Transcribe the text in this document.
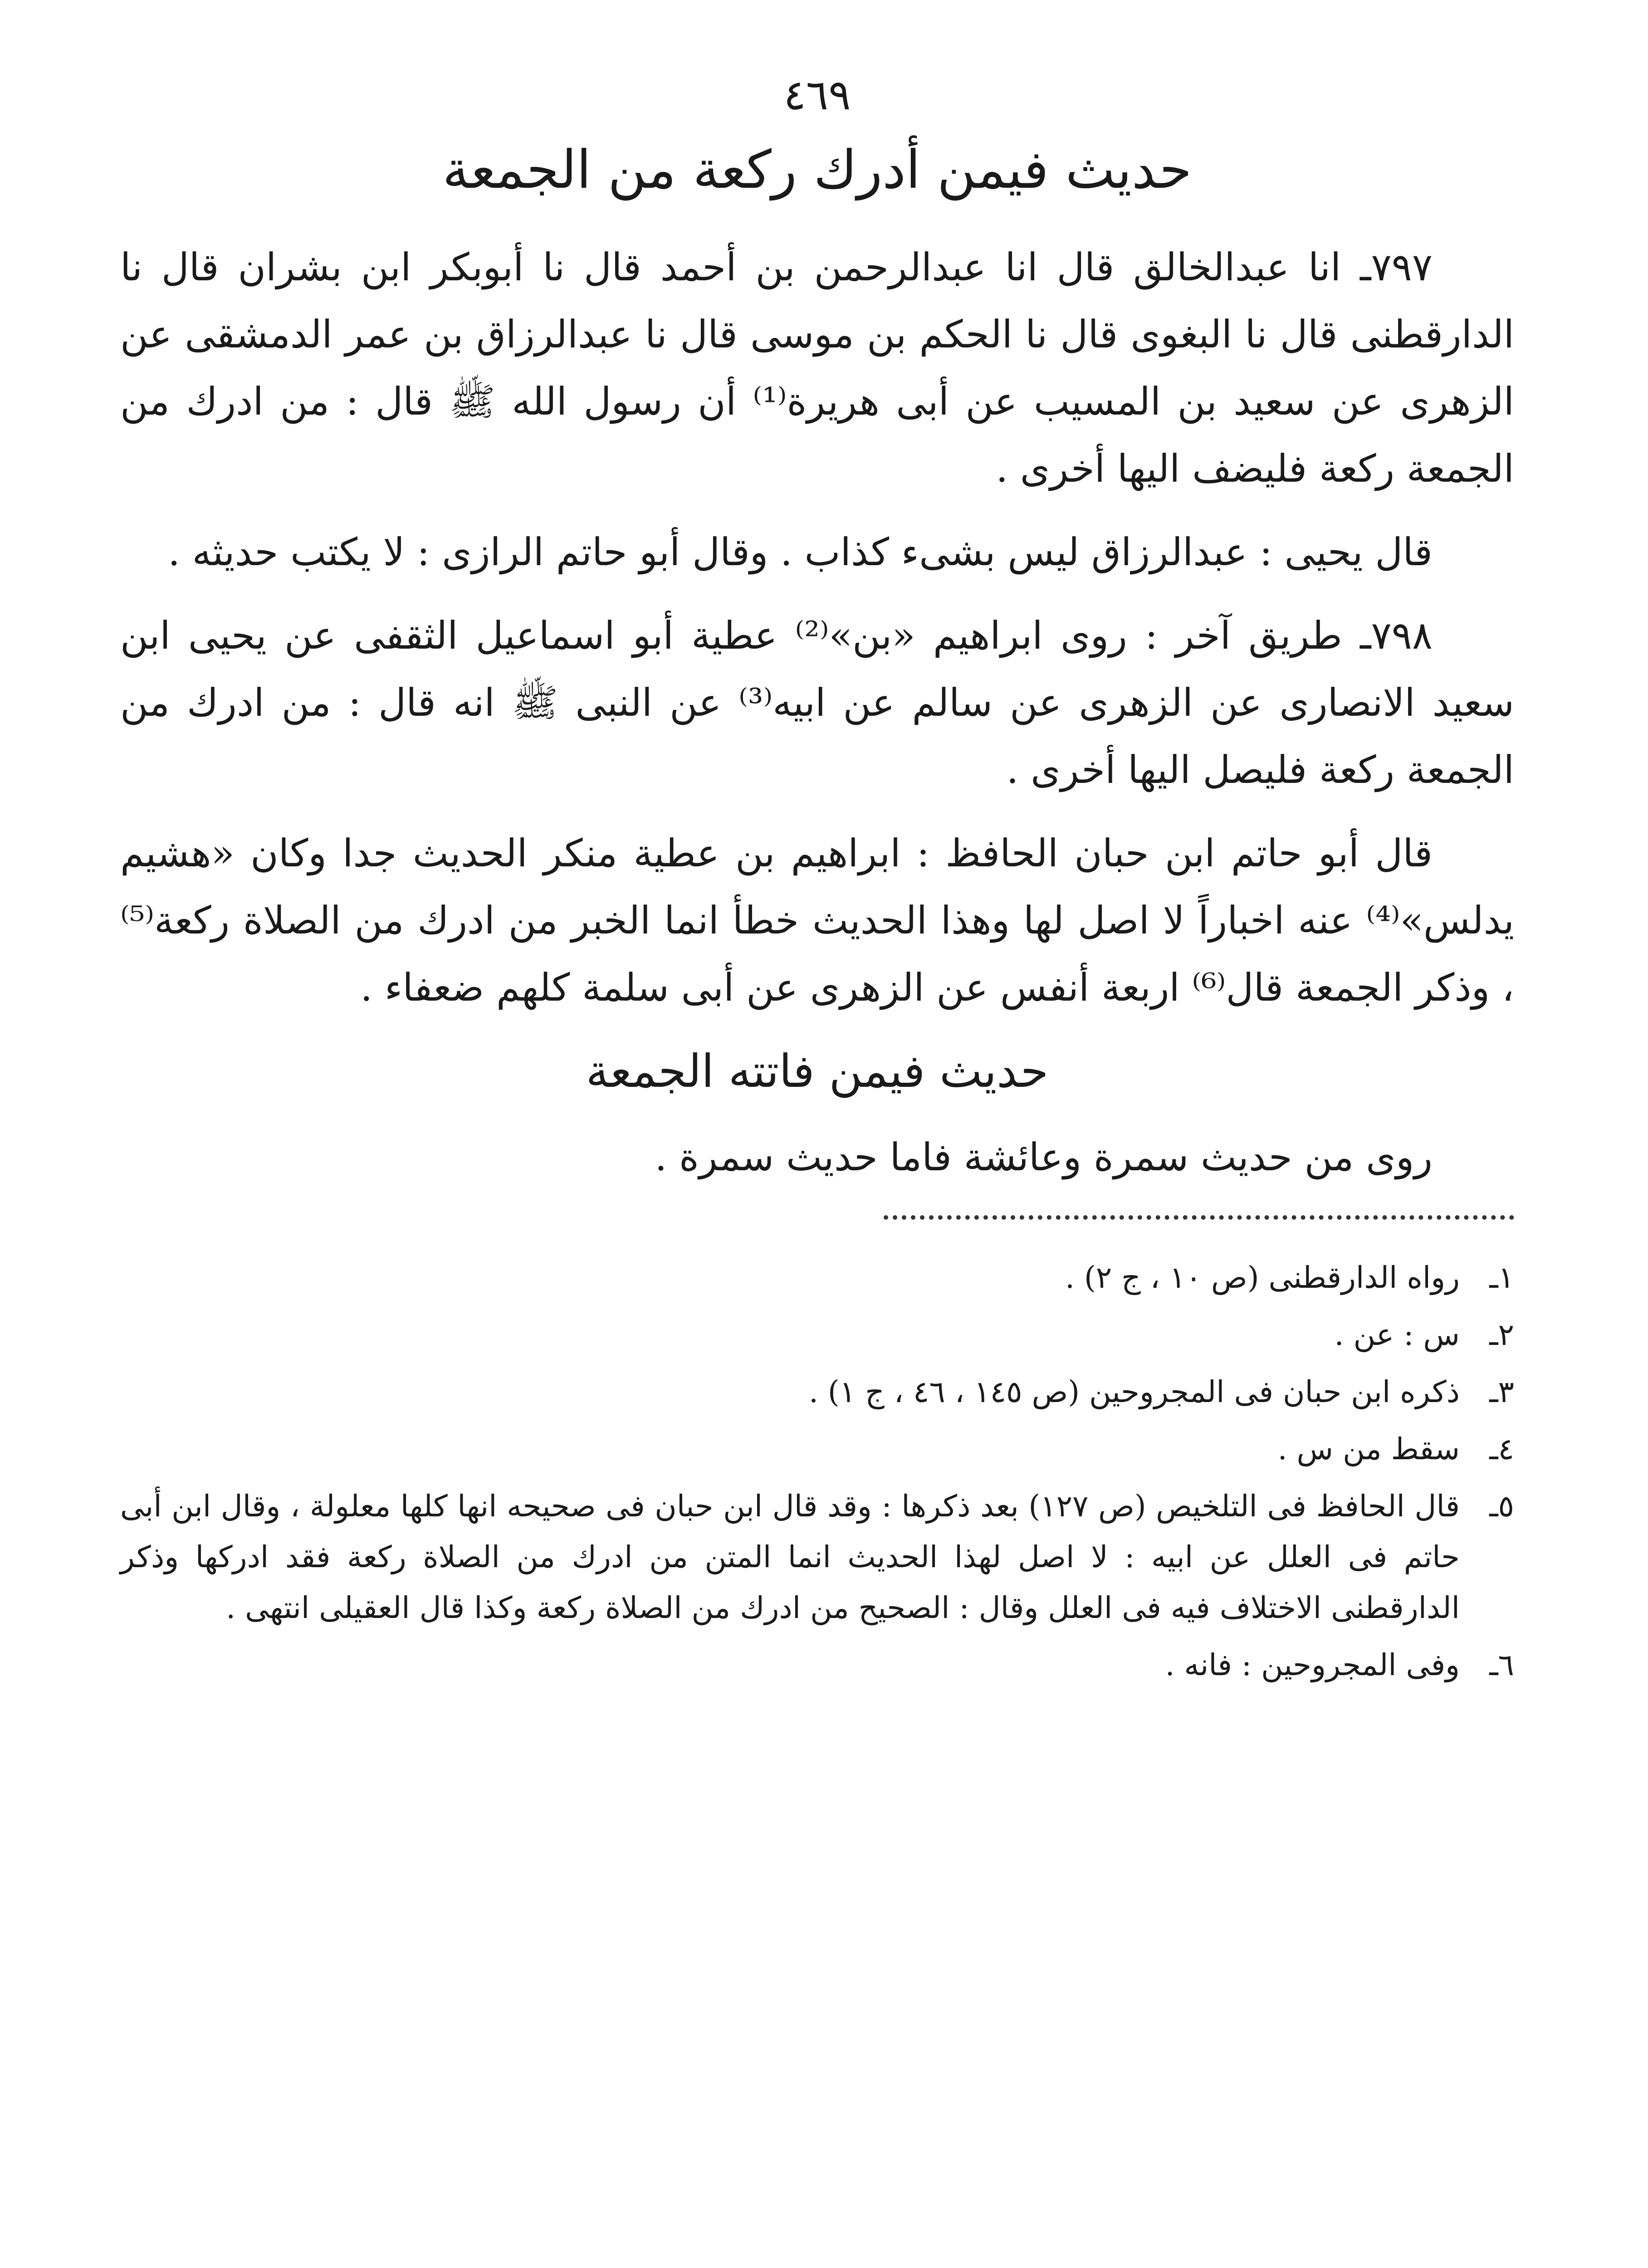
٤٦٩
حديث فيمن أدرك ركعة من الجمعة

٧٩٧ـ انا عبدالخالق قال انا عبدالرحمن بن أحمد قال نا أبوبكر ابن بشران قال نا الدارقطنى قال نا البغوى قال نا الحكم بن موسى قال نا عبدالرزاق بن عمر الدمشقى عن الزهرى عن سعيد بن المسيب عن أبى هريرة⁽¹⁾ أن رسول الله ﷺ قال : من ادرك من الجمعة ركعة فليضف اليها أخرى .

قال يحيى : عبدالرزاق ليس بشىء كذاب . وقال أبو حاتم الرازى : لا يكتب حديثه .

٧٩٨ـ طريق آخر : روى ابراهيم «بن»⁽²⁾ عطية أبو اسماعيل الثقفى عن يحيى ابن سعيد الانصارى عن الزهرى عن سالم عن ابيه⁽³⁾ عن النبى ﷺ انه قال : من ادرك من الجمعة ركعة فليصل اليها أخرى .

قال أبو حاتم ابن حبان الحافظ : ابراهيم بن عطية منكر الحديث جدا وكان «هشيم يدلس»⁽⁴⁾ عنه اخباراً لا اصل لها وهذا الحديث خطأ انما الخبر من ادرك من الصلاة ركعة⁽⁵⁾ ، وذكر الجمعة قال⁽⁶⁾ اربعة أنفس عن الزهرى عن أبى سلمة كلهم ضعفاء .

حديث فيمن فاتته الجمعة

روى من حديث سمرة وعائشة فاما حديث سمرة .

١ـ
رواه الدارقطنى (ص ١٠ ، ج ٢) .
٢ـ
س : عن .
٣ـ
ذكره ابن حبان فى المجروحين (ص ١٤٥ ، ٤٦ ، ج ١) .
٤ـ
سقط من س .
٥ـ
قال الحافظ فى التلخيص (ص ١٢٧) بعد ذكرها : وقد قال ابن حبان فى صحيحه انها كلها معلولة ، وقال ابن أبى حاتم فى العلل عن ابيه : لا اصل لهذا الحديث انما المتن من ادرك من الصلاة ركعة فقد ادركها وذكر الدارقطنى الاختلاف فيه فى العلل وقال : الصحيح من ادرك من الصلاة ركعة وكذا قال العقيلى انتهى .
٦ـ
وفى المجروحين : فانه .
